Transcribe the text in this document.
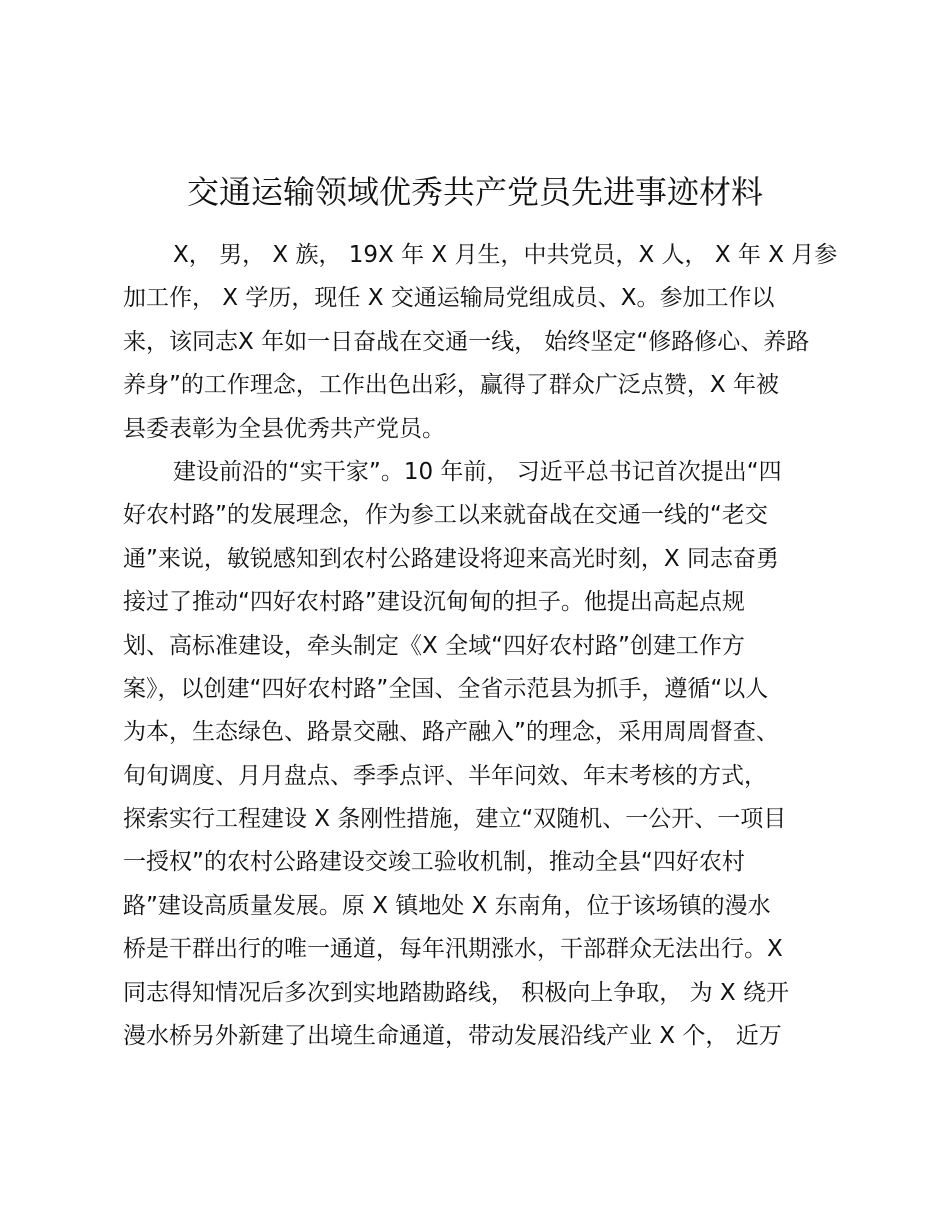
交通运输领域优秀共产党员先进事迹材料
X， 男， X 族， 19X 年 X 月生，中共党员，X 人， X 年 X 月参
加工作， X 学历，现任 X 交通运输局党组成员、X。参加工作以
来，该同志X 年如一日奋战在交通一线， 始终坚定“修路修心、养路
养身”的工作理念，工作出色出彩，赢得了群众广泛点赞，X 年被
县委表彰为全县优秀共产党员。
建设前沿的“实干家”。10 年前， 习近平总书记首次提出“四
好农村路”的发展理念，作为参工以来就奋战在交通一线的“老交
通”来说，敏锐感知到农村公路建设将迎来高光时刻，X 同志奋勇
接过了推动“四好农村路”建设沉甸甸的担子。他提出高起点规
划、高标准建设，牵头制定《X 全域“四好农村路”创建工作方
案》，以创建“四好农村路”全国、全省示范县为抓手，遵循“以人
为本，生态绿色、路景交融、路产融入”的理念，采用周周督查、
旬旬调度、月月盘点、季季点评、半年问效、年末考核的方式，
探索实行工程建设 X 条刚性措施，建立“双随机、一公开、一项目
一授权”的农村公路建设交竣工验收机制，推动全县“四好农村
路”建设高质量发展。原 X 镇地处 X 东南角，位于该场镇的漫水
桥是干群出行的唯一通道，每年汛期涨水，干部群众无法出行。X
同志得知情况后多次到实地踏勘路线， 积极向上争取， 为 X 绕开
漫水桥另外新建了出境生命通道，带动发展沿线产业 X 个， 近万
